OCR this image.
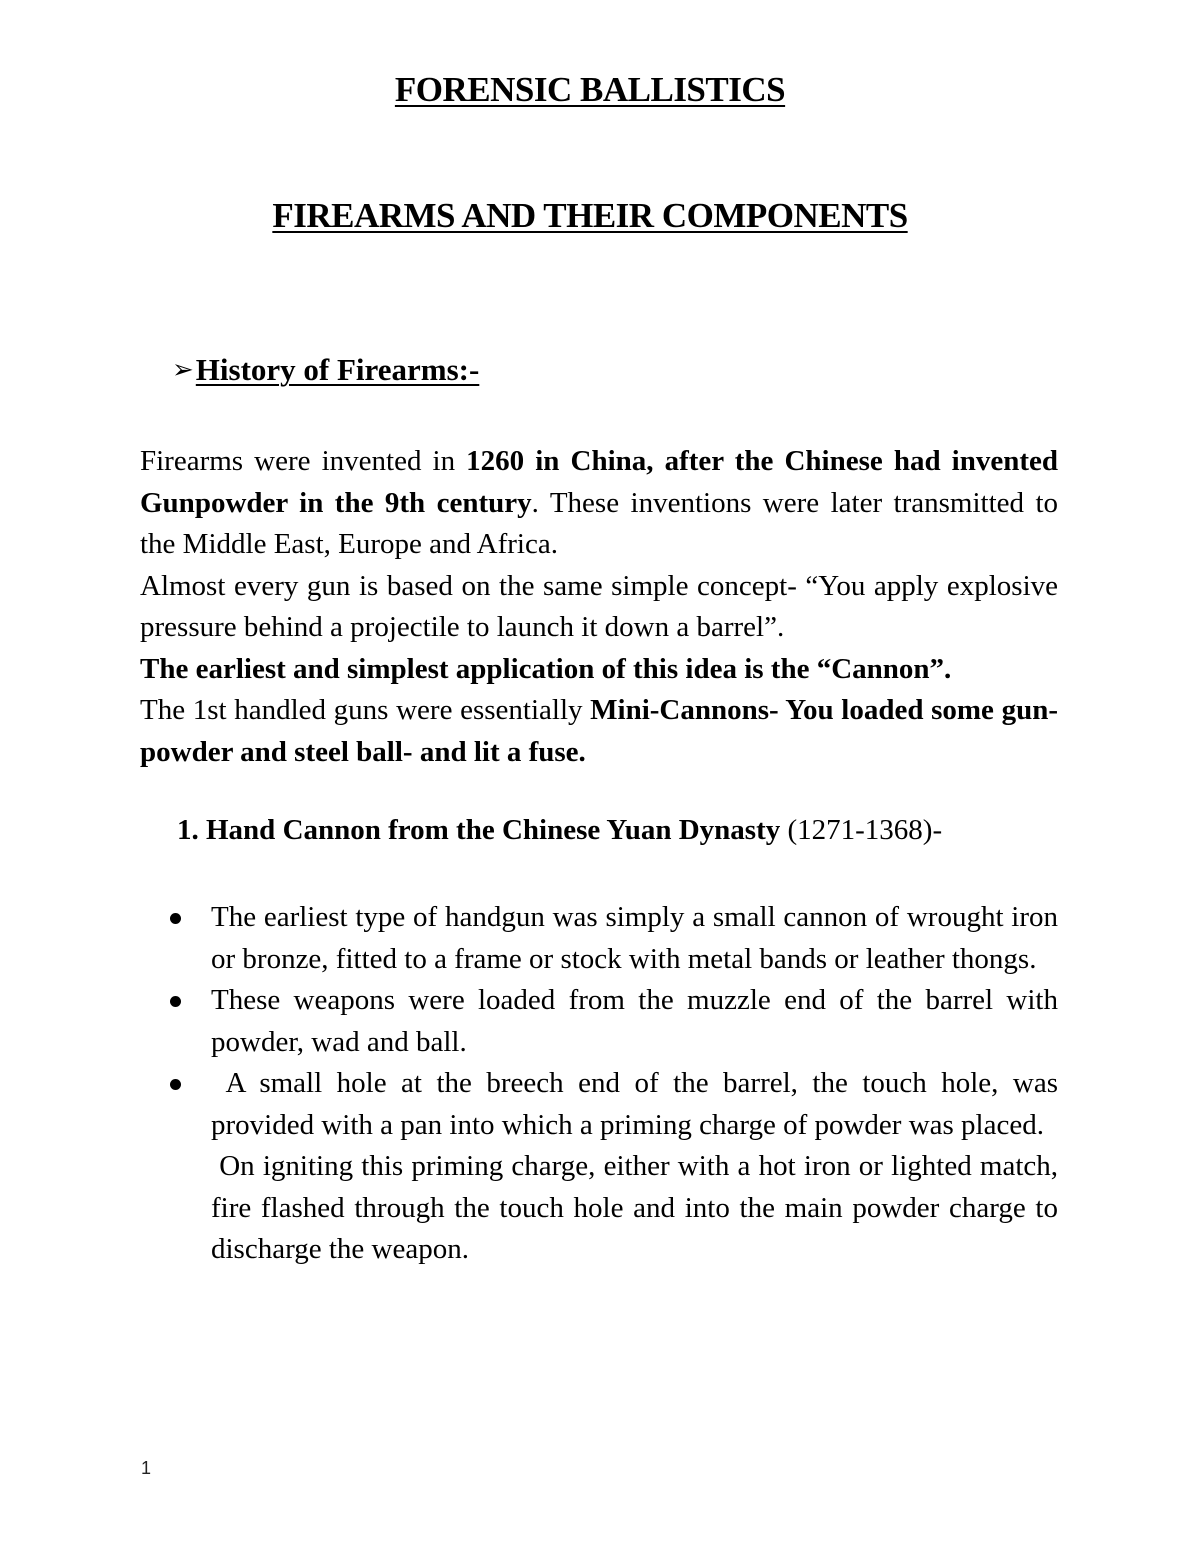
FORENSIC BALLISTICS
FIREARMS AND THEIR COMPONENTS
➢History of Firearms:-

Firearms were invented in 1260 in China, after the Chinese had invented Gunpowder in the 9th century. These inventions were later transmitted to the Middle East, Europe and Africa.

Almost every gun is based on the same simple concept- “You apply explosive pressure behind a projectile to launch it down a barrel”.

The earliest and simplest application of this idea is the “Cannon”.

The 1st handled guns were essentially Mini-Cannons- You loaded some gun- powder and steel ball- and lit a fuse.

1. Hand Cannon from the Chinese Yuan Dynasty (1271-1368)-
The earliest type of handgun was simply a small cannon of wrought iron or bronze, fitted to a frame or stock with metal bands or leather thongs.
These weapons were loaded from the muzzle end of the barrel with powder, wad and ball.
A small hole at the breech end of the barrel, the touch hole, was provided with a pan into which a priming charge of powder was placed.
On igniting this priming charge, either with a hot iron or lighted match, fire flashed through the touch hole and into the main powder charge to discharge the weapon.
1
